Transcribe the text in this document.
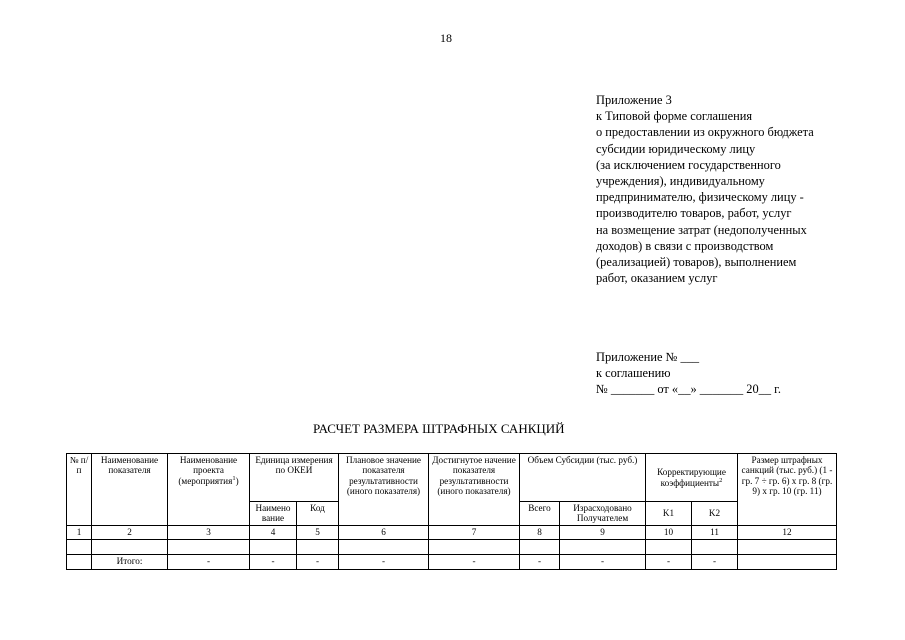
18
Приложение 3
к Типовой форме соглашения
о предоставлении из окружного бюджета
субсидии юридическому лицу
(за исключением государственного
учреждения), индивидуальному
предпринимателю, физическому лицу -
производителю товаров, работ, услуг
на возмещение затрат (недополученных
доходов) в связи с производством
(реализацией) товаров), выполнением
работ, оказанием услуг
Приложение № ___
к соглашению
№ _______ от «__» _______ 20__ г.
РАСЧЕТ РАЗМЕРА ШТРАФНЫХ САНКЦИЙ
№ п/п	Наименование показателя	Наименование проекта (мероприятия$^1$)	Единица измерения по ОКЕИ		Плановое значение показателя результативности (иного показателя)	Достигнутое начение показателя результативности (иного показателя)	Объем Субсидии (тыс. руб.)		Корректирующие коэффициенты$^2$		Размер штрафных санкций (тыс. руб.) (1 - гр. 7 ÷ гр. 6) x гр. 8 (гр. 9) x гр. 10 (гр. 11)
			Наимено вание	Код			Всего	Израсходовано Получателем	K1	K2	
1	2	3	4	5	6	7	8	9	10	11	12

	Итого:	-	-	-	-	-	-	-	-	-	
